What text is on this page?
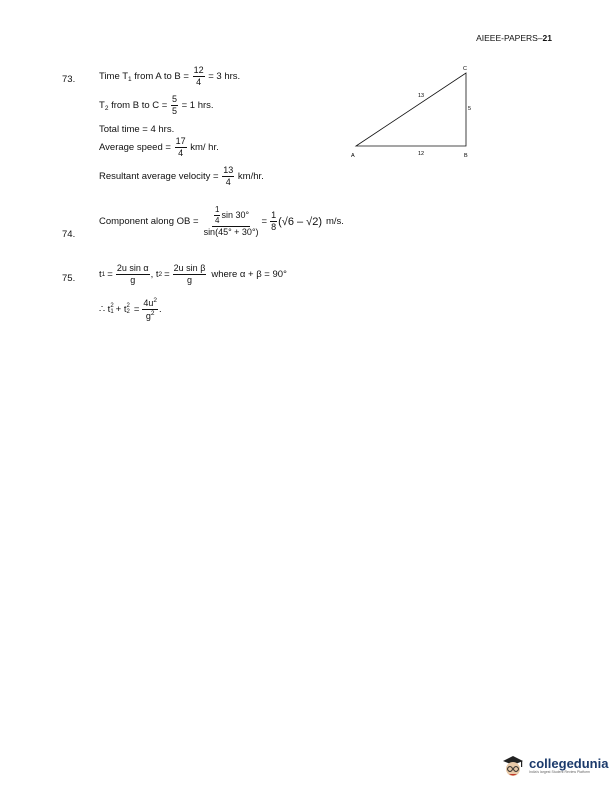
AIEEE-PAPERS–21
73.	Time $T_1$ from A to $B = \frac{12}{4} = 3$ hrs.
$T_2$ from B to $C = \frac{5}{5} = 1$ hrs.
Total time = 4 hrs.
Average speed = $\frac{17}{4} km/$ hr.
Resultant average velocity = $\frac{13}{4} km/hr$.
A	B
C
12
5
13
74.
Component along OB = $\frac{\frac{1}{4} \sin 30^\circ}{\sin(45^\circ + 30^\circ)} = \frac{1}{8} (√6 - √2)$ m/s.
75.	t $1 = \frac{\text{2u sin α}}{g}$ , t $2 = \frac{\text{2u sin β}}{g}$ where α + β = 90°
∴ t 2
1 + t 2
$2 = \frac{4u^2}{g^2}$ .
collegedunia
India's largest Student Review Platform
